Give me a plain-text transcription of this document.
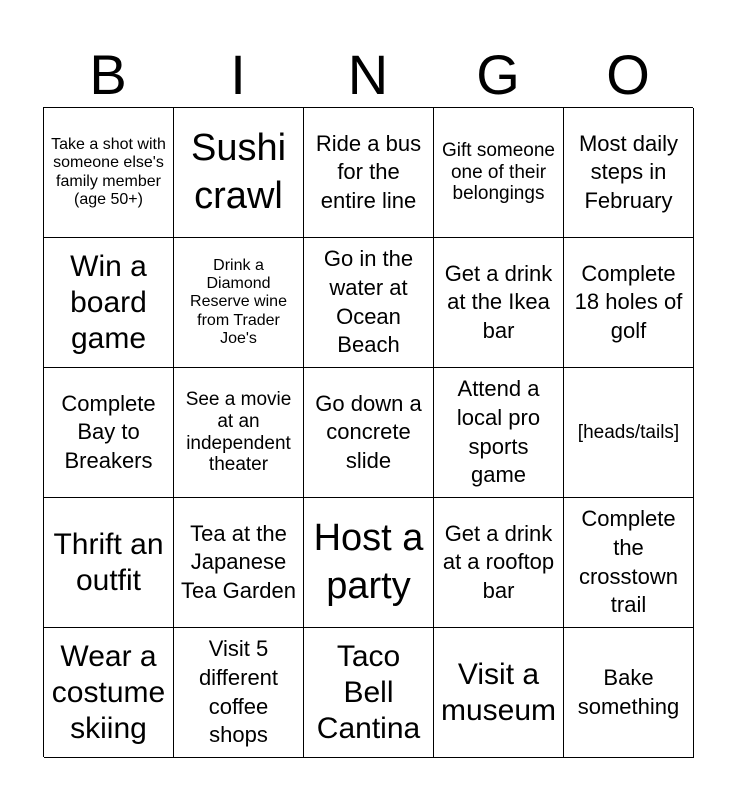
B	I	N	G	O
Take a shot with someone else's family member (age 50+)
Sushi crawl
Ride a bus for the entire line
Gift someone one of their belongings
Most daily steps in February
Win a board game
Drink a Diamond Reserve wine from Trader Joe's
Go in the water at Ocean Beach
Get a drink at the Ikea bar
Complete 18 holes of golf
Complete Bay to Breakers
See a movie at an independent theater
Go down a concrete slide
Attend a local pro sports game
[heads/tails]
Thrift an outfit
Tea at the Japanese Tea Garden
Host a party
Get a drink at a rooftop bar
Complete the crosstown trail
Wear a costume skiing
Visit 5 different coffee shops
Taco Bell Cantina
Visit a museum
Bake something
